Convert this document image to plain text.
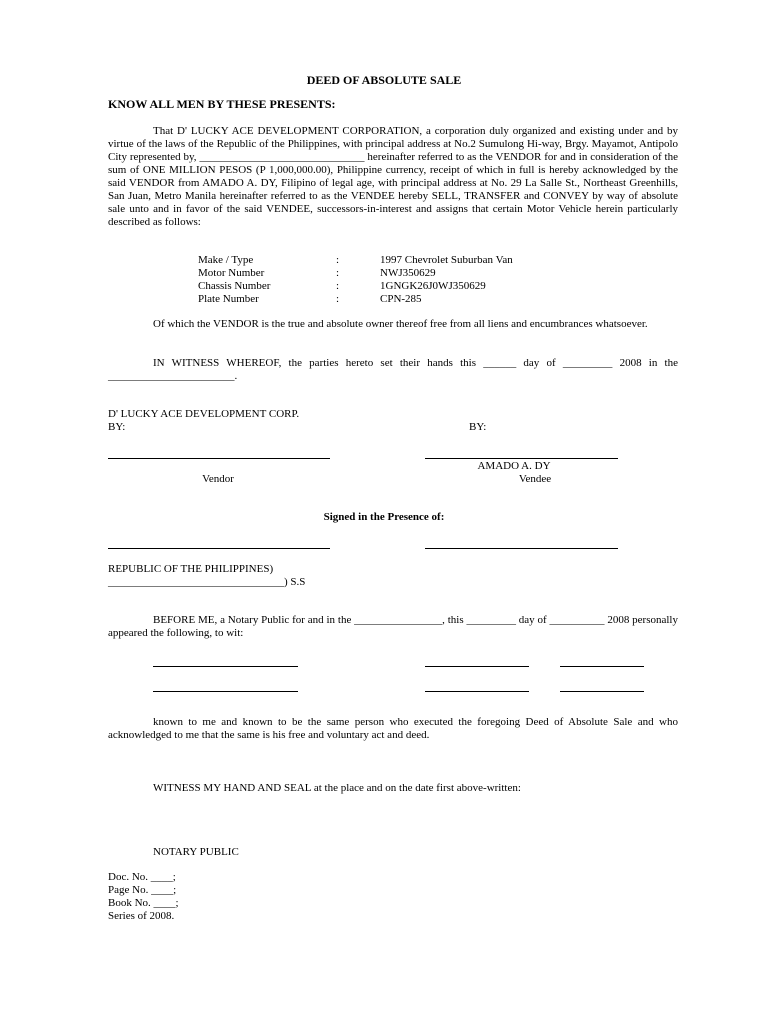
DEED OF ABSOLUTE SALE
KNOW ALL MEN BY THESE PRESENTS:

That D' LUCKY ACE DEVELOPMENT CORPORATION, a corporation duly organized and existing under and by virtue of the laws of the Republic of the Philippines, with principal address at No.2 Sumulong Hi-way, Brgy. Mayamot, Antipolo City represented by, ______________________________ hereinafter referred to as the VENDOR for and in consideration of the sum of ONE MILLION PESOS (P 1,000,000.00), Philippine currency, receipt of which in full is hereby acknowledged by the said VENDOR from AMADO A. DY, Filipino of legal age, with principal address at No. 29 La Salle St., Northeast Greenhills, San Juan, Metro Manila hereinafter referred to as the VENDEE hereby SELL, TRANSFER and CONVEY by way of absolute sale unto and in favor of the said VENDEE, successors-in-interest and assigns that certain Motor Vehicle herein particularly described as follows:

Make / Type	:	1997 Chevrolet Suburban Van
Motor Number	:	NWJ350629
Chassis Number	:	1GNGK26J0WJ350629
Plate Number	:	CPN-285

Of which the VENDOR is the true and absolute owner thereof free from all liens and encumbrances whatsoever.

IN WITNESS WHEREOF, the parties hereto set their hands this ______ day of _________ 2008 in the _______________________.

D' LUCKY ACE DEVELOPMENT CORP.
BY:	BY:
AMADO A. DY
Vendor	Vendee
Signed in the Presence of:
REPUBLIC OF THE PHILIPPINES)
________________________________) S.S

BEFORE ME, a Notary Public for and in the ________________, this _________ day of __________ 2008 personally appeared the following, to wit:

known to me and known to be the same person who executed the foregoing Deed of Absolute Sale and who acknowledged to me that the same is his free and voluntary act and deed.

WITNESS MY HAND AND SEAL at the place and on the date first above-written:
NOTARY PUBLIC
Doc. No. ____;
Page No. ____;
Book No. ____;
Series of 2008.
